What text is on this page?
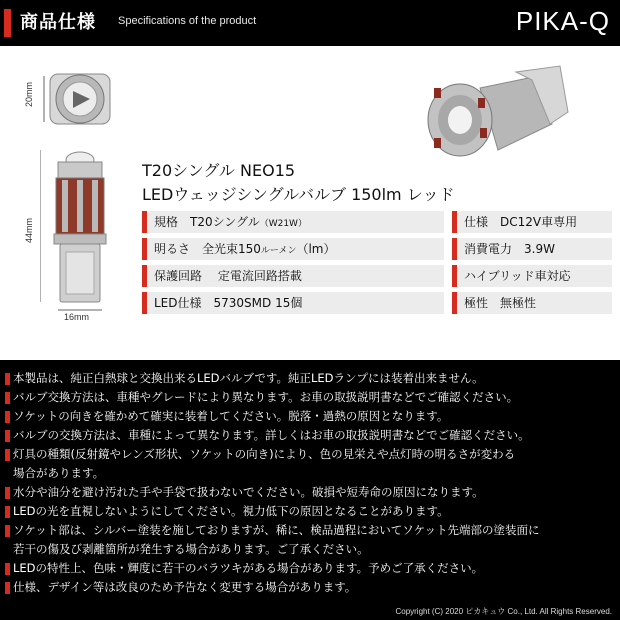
商品仕様 Specifications of the product	PIKA-Q
20mm
44mm
16mm
T20シングル NEO15
LEDウェッジシングルバルブ 150lm レッド
規格　T20シングル（W21W）
明るさ　全光束150ルーメン（lm）
保護回路　 定電流回路搭載
LED仕様　5730SMD 15個
仕様　DC12V車専用
消費電力　3.9W
ハイブリッド車対応
極性　無極性
本製品は、純正白熱球と交換出来るLEDバルブです。純正LEDランプには装着出来ません。
バルブ交換方法は、車種やグレードにより異なります。お車の取扱説明書などでご確認ください。
ソケットの向きを確かめて確実に装着してください。脱落・過熱の原因となります。
バルブの交換方法は、車種によって異なります。詳しくはお車の取扱説明書などでご確認ください。
灯具の種類(反射鏡やレンズ形状、ソケットの向き)により、色の見栄えや点灯時の明るさが変わる
場合があります。
水分や油分を避け汚れた手や手袋で扱わないでください。破損や短寿命の原因になります。
LEDの光を直視しないようにしてください。視力低下の原因となることがあります。
ソケット部は、シルバー塗装を施しておりますが、稀に、検品過程においてソケット先端部の塗装面に
若干の傷及び剥離箇所が発生する場合があります。ご了承ください。
LEDの特性上、色味・輝度に若干のバラツキがある場合があります。予めご了承ください。
仕様、デザイン等は改良のため予告なく変更する場合があります。
Copyright (C) 2020 ピカキュウ Co., Ltd. All Rights Reserved.
